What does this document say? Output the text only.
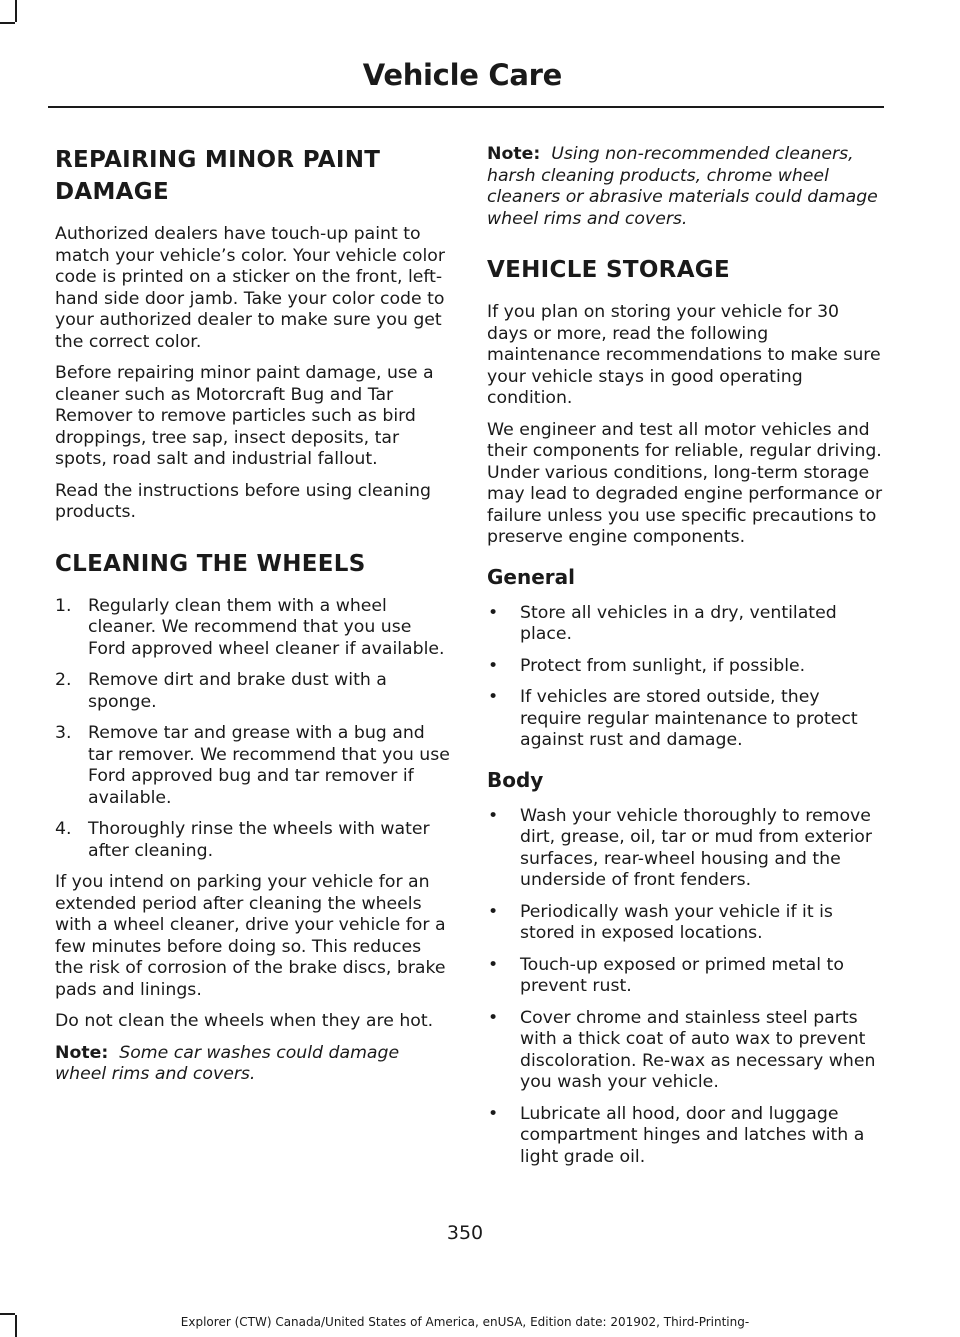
Vehicle Care
REPAIRING MINOR PAINT DAMAGE

Authorized dealers have touch-up paint to match your vehicle’s color. Your vehicle color code is printed on a sticker on the front, left-hand side door jamb. Take your color code to your authorized dealer to make sure you get the correct color.

Before repairing minor paint damage, use a cleaner such as Motorcraft Bug and Tar Remover to remove particles such as bird droppings, tree sap, insect deposits, tar spots, road salt and industrial fallout.

Read the instructions before using cleaning products.

CLEANING THE WHEELS
1. Regularly clean them with a wheel cleaner. We recommend that you use Ford approved wheel cleaner if available.
2. Remove dirt and brake dust with a sponge.
3. Remove tar and grease with a bug and tar remover. We recommend that you use Ford approved bug and tar remover if available.
4. Thoroughly rinse the wheels with water after cleaning.

If you intend on parking your vehicle for an extended period after cleaning the wheels with a wheel cleaner, drive your vehicle for a few minutes before doing so. This reduces the risk of corrosion of the brake discs, brake pads and linings.

Do not clean the wheels when they are hot.

Note: Some car washes could damage wheel rims and covers.

Note: Using non-recommended cleaners, harsh cleaning products, chrome wheel cleaners or abrasive materials could damage wheel rims and covers.

VEHICLE STORAGE

If you plan on storing your vehicle for 30 days or more, read the following maintenance recommendations to make sure your vehicle stays in good operating condition.

We engineer and test all motor vehicles and their components for reliable, regular driving. Under various conditions, long-term storage may lead to degraded engine performance or failure unless you use specific precautions to preserve engine components.

General
• Store all vehicles in a dry, ventilated place.
• Protect from sunlight, if possible.
• If vehicles are stored outside, they require regular maintenance to protect against rust and damage.
Body
• Wash your vehicle thoroughly to remove dirt, grease, oil, tar or mud from exterior surfaces, rear-wheel housing and the underside of front fenders.
• Periodically wash your vehicle if it is stored in exposed locations.
• Touch-up exposed or primed metal to prevent rust.
• Cover chrome and stainless steel parts with a thick coat of auto wax to prevent discoloration. Re-wax as necessary when you wash your vehicle.
• Lubricate all hood, door and luggage compartment hinges and latches with a light grade oil.
350
Explorer (CTW) Canada/United States of America, enUSA, Edition date: 201902, Third-Printing-
